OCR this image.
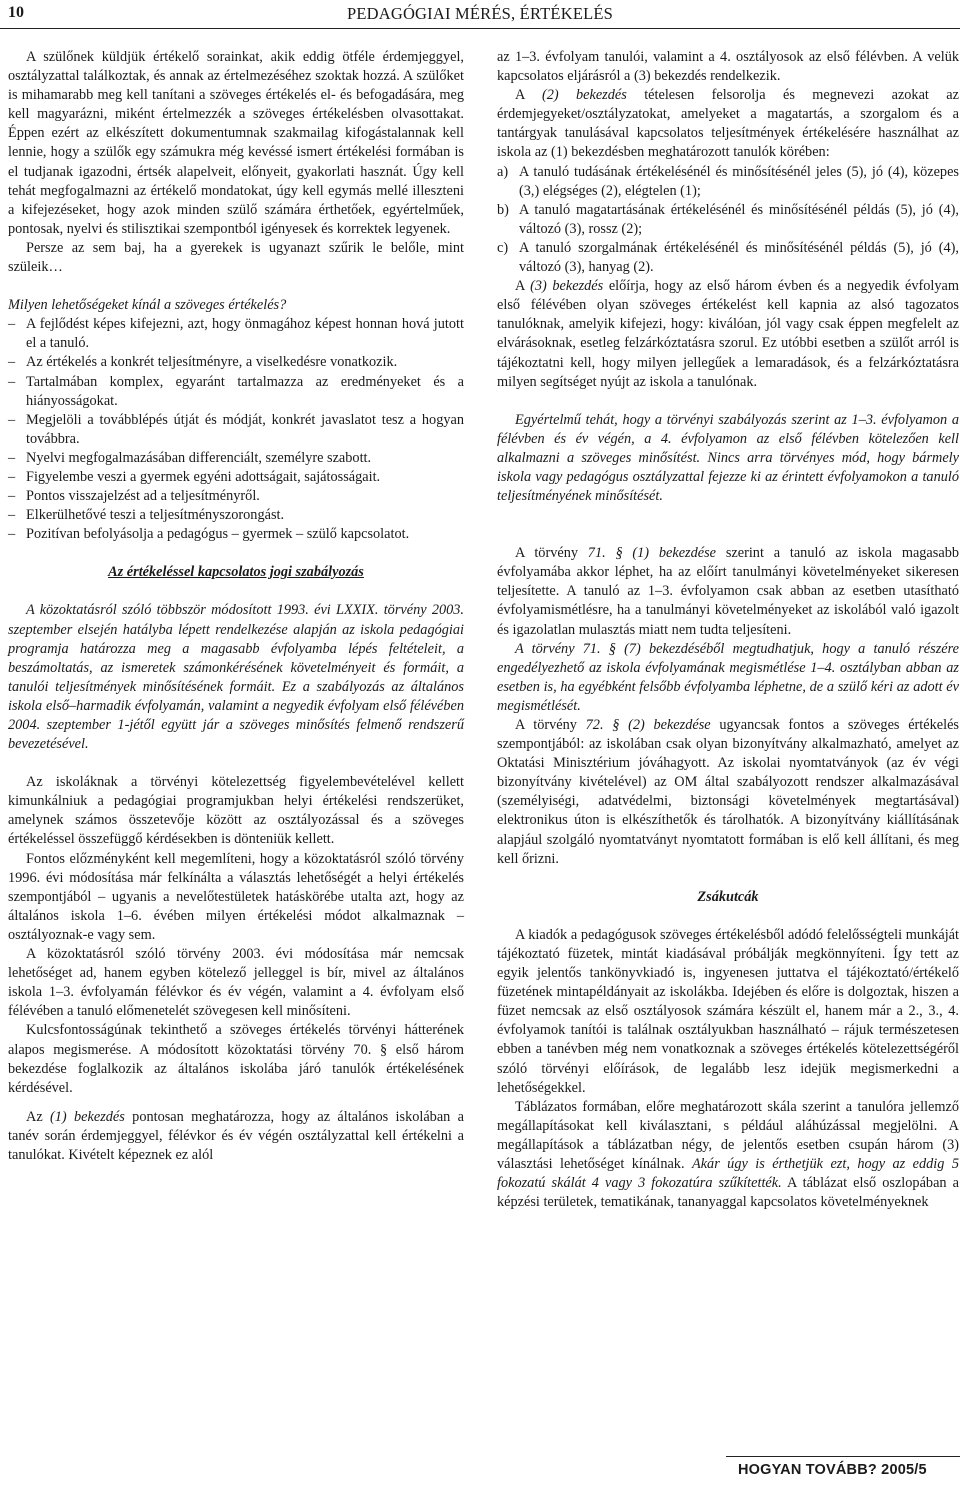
10	PEDAGÓGIAI MÉRÉS, ÉRTÉKELÉS

A szülőnek küldjük értékelő sorainkat, akik eddig ötféle érdemjeggyel, osztályzattal találkoztak, és annak az értelmezéséhez szoktak hozzá. A szülőket is mihamarabb meg kell tanítani a szöveges értékelés el- és befogadására, meg kell magyarázni, miként értelmezzék a szöveges értékelésben olvasottakat. Éppen ezért az elkészített dokumentumnak szakmailag kifogástalannak kell lennie, hogy a szülők egy számukra még kevéssé ismert értékelési formában is el tudjanak igazodni, értsék alapelveit, előnyeit, gyakorlati hasznát. Úgy kell tehát megfogalmazni az értékelő mondatokat, úgy kell egymás mellé illeszteni a kifejezéseket, hogy azok minden szülő számára érthetőek, egyértelműek, pontosak, nyelvi és stilisztikai szempontból igényesek és korrektek legyenek.

Persze az sem baj, ha a gyerekek is ugyanazt szűrik le belőle, mint szüleik…

Milyen lehetőségeket kínál a szöveges értékelés?

– A fejlődést képes kifejezni, azt, hogy önmagához képest honnan hová jutott el a tanuló.
– Az értékelés a konkrét teljesítményre, a viselkedésre vonatkozik.
– Tartalmában komplex, egyaránt tartalmazza az eredményeket és a hiányosságokat.
– Megjelöli a továbblépés útját és módját, konkrét javaslatot tesz a hogyan továbbra.
– Nyelvi megfogalmazásában differenciált, személyre szabott.
– Figyelembe veszi a gyermek egyéni adottságait, sajátosságait.
– Pontos visszajelzést ad a teljesítményről.
– Elkerülhetővé teszi a teljesítményszorongást.
– Pozitívan befolyásolja a pedagógus – gyermek – szülő kapcsolatot.

Az értékeléssel kapcsolatos jogi szabályozás

A közoktatásról szóló többször módosított 1993. évi LXXIX. törvény 2003. szeptember elsején hatályba lépett rendelkezése alapján az iskola pedagógiai programja határozza meg a magasabb évfolyamba lépés feltételeit, a beszámoltatás, az ismeretek számonkérésének követelményeit és formáit, a tanulói teljesítmények minősítésének formáit. Ez a szabályozás az általános iskola első–harmadik évfolyamán, valamint a negyedik évfolyam első félévében 2004. szeptember 1-jétől együtt jár a szöveges minősítés felmenő rendszerű bevezetésével.

Az iskoláknak a törvényi kötelezettség figyelembevételével kellett kimunkálniuk a pedagógiai programjukban helyi értékelési rendszerüket, amelynek számos összetevője között az osztályozással és a szöveges értékeléssel összefüggő kérdésekben is dönteniük kellett.

Fontos előzményként kell megemlíteni, hogy a közoktatásról szóló törvény 1996. évi módosítása már felkínálta a választás lehetőségét a helyi értékelés szempontjából – ugyanis a nevelőtestületek hatáskörébe utalta azt, hogy az általános iskola 1–6. évében milyen értékelési módot alkalmaznak – osztályoznak-e vagy sem.

A közoktatásról szóló törvény 2003. évi módosítása már nemcsak lehetőséget ad, hanem egyben kötelező jelleggel is bír, mivel az általános iskola 1–3. évfolyamán félévkor és év végén, valamint a 4. évfolyam első félévében a tanuló előmenetelét szövegesen kell minősíteni.

Kulcsfontosságúnak tekinthető a szöveges értékelés törvényi hátterének alapos megismerése. A módosított közoktatási törvény 70. § első három bekezdése foglalkozik az általános iskolába járó tanulók értékelésének kérdésével.

Az (1) bekezdés pontosan meghatározza, hogy az általános iskolában a tanév során érdemjeggyel, félévkor és év végén osztályzattal kell értékelni a tanulókat. Kivételt képeznek ez alól

az 1–3. évfolyam tanulói, valamint a 4. osztályosok az első félévben. A velük kapcsolatos eljárásról a (3) bekezdés rendelkezik.

A (2) bekezdés tételesen felsorolja és megnevezi azokat az érdemjegyeket/osztályzatokat, amelyeket a magatartás, a szorgalom és a tantárgyak tanulásával kapcsolatos teljesítmények értékelésére használhat az iskola az (1) bekezdésben meghatározott tanulók körében:

a) A tanuló tudásának értékelésénél és minősítésénél jeles (5), jó (4), közepes (3,) elégséges (2), elégtelen (1);
b) A tanuló magatartásának értékelésénél és minősítésénél példás (5), jó (4), változó (3), rossz (2);
c) A tanuló szorgalmának értékelésénél és minősítésénél példás (5), jó (4), változó (3), hanyag (2).

A (3) bekezdés előírja, hogy az első három évben és a negyedik évfolyam első félévében olyan szöveges értékelést kell kapnia az alsó tagozatos tanulóknak, amelyik kifejezi, hogy: kiválóan, jól vagy csak éppen megfelelt az elvárásoknak, esetleg felzárkóztatásra szorul. Ez utóbbi esetben a szülőt arról is tájékoztatni kell, hogy milyen jellegűek a lemaradások, és a felzárkóztatásra milyen segítséget nyújt az iskola a tanulónak.

Egyértelmű tehát, hogy a törvényi szabályozás szerint az 1–3. évfolyamon a félévben és év végén, a 4. évfolyamon az első félévben kötelezően kell alkalmazni a szöveges minősítést. Nincs arra törvényes mód, hogy bármely iskola vagy pedagógus osztályzattal fejezze ki az érintett évfolyamokon a tanuló teljesítményének minősítését.

A törvény 71. § (1) bekezdése szerint a tanuló az iskola magasabb évfolyamába akkor léphet, ha az előírt tanulmányi követelményeket sikeresen teljesítette. A tanuló az 1–3. évfolyamon csak abban az esetben utasítható évfolyamismétlésre, ha a tanulmányi követelményeket az iskolából való igazolt és igazolatlan mulasztás miatt nem tudta teljesíteni.

A törvény 71. § (7) bekezdéséből megtudhatjuk, hogy a tanuló részére engedélyezhető az iskola évfolyamának megismétlése 1–4. osztályban abban az esetben is, ha egyébként felsőbb évfolyamba léphetne, de a szülő kéri az adott év megismétlését.

A törvény 72. § (2) bekezdése ugyancsak fontos a szöveges értékelés szempontjából: az iskolában csak olyan bizonyítvány alkalmazható, amelyet az Oktatási Minisztérium jóváhagyott. Az iskolai nyomtatványok (az év végi bizonyítvány kivételével) az OM által szabályozott rendszer alkalmazásával (személyiségi, adatvédelmi, biztonsági követelmények megtartásával) elektronikus úton is elkészíthetők és tárolhatók. A bizonyítvány kiállításának alapjául szolgáló nyomtatványt nyomtatott formában is elő kell állítani, és meg kell őrizni.

Zsákutcák

A kiadók a pedagógusok szöveges értékelésből adódó felelősségteli munkáját tájékoztató füzetek, mintát kiadásával próbálják megkönnyíteni. Így tett az egyik jelentős tankönyvkiadó is, ingyenesen juttatva el tájékoztató/értékelő füzetének mintapéldányait az iskolákba. Idejében és előre is dolgoztak, hiszen a füzet nemcsak az első osztályosok számára készült el, hanem már a 2., 3., 4. évfolyamok tanítói is találnak osztályukban használható – rájuk természetesen ebben a tanévben még nem vonatkoznak a szöveges értékelés kötelezettségéről szóló törvényi előírások, de legalább lesz idejük megismerkedni a lehetőségekkel.

Táblázatos formában, előre meghatározott skála szerint a tanulóra jellemző megállapításokat kell kiválasztani, s például aláhúzással megjelölni. A megállapítások a táblázatban négy, de jelentős esetben csupán három (3) választási lehetőséget kínálnak. Akár úgy is érthetjük ezt, hogy az eddig 5 fokozatú skálát 4 vagy 3 fokozatúra szűkítették. A táblázat első oszlopában a képzési területek, tematikának, tananyaggal kapcsolatos követelményeknek

HOGYAN TOVÁBB? 2005/5
